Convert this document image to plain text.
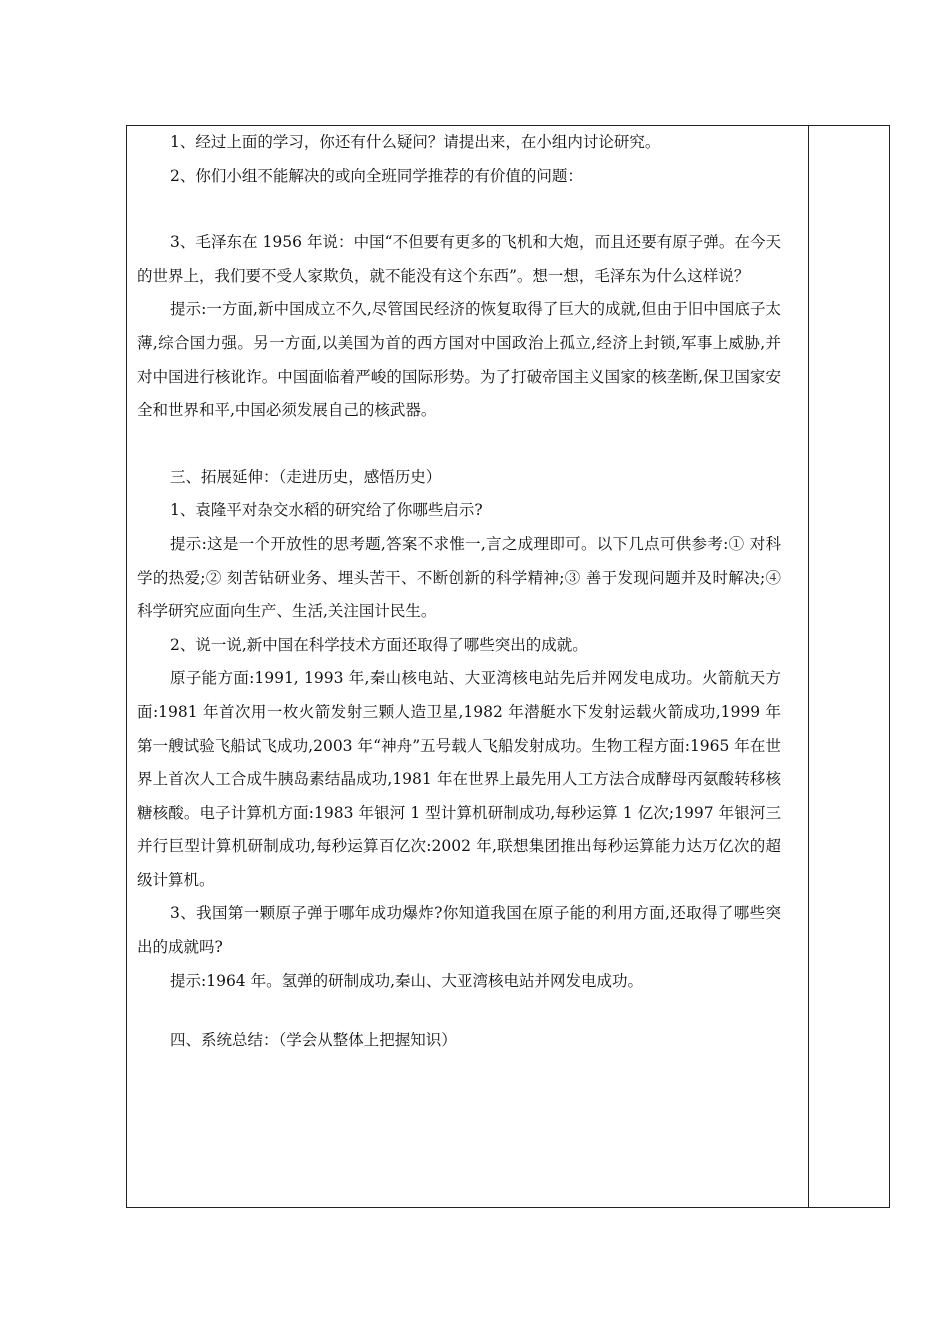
1、经过上面的学习，你还有什么疑问？请提出来，在小组内讨论研究。

2、你们小组不能解决的或向全班同学推荐的有价值的问题：

3、毛泽东在 1956 年说：中国“不但要有更多的飞机和大炮，而且还要有原子弹。在今天的世界上，我们要不受人家欺负，就不能没有这个东西”。想一想，毛泽东为什么这样说？

提示:一方面,新中国成立不久,尽管国民经济的恢复取得了巨大的成就,但由于旧中国底子太薄,综合国力强。另一方面,以美国为首的西方国对中国政治上孤立,经济上封锁,军事上威胁,并对中国进行核讹诈。中国面临着严峻的国际形势。为了打破帝国主义国家的核垄断,保卫国家安全和世界和平,中国必须发展自己的核武器。

三、拓展延伸：（走进历史，感悟历史）

1、袁隆平对杂交水稻的研究给了你哪些启示?

提示:这是一个开放性的思考题,答案不求惟一,言之成理即可。以下几点可供参考:① 对科学的热爱;② 刻苦钻研业务、埋头苦干、不断创新的科学精神;③ 善于发现问题并及时解决;④ 科学研究应面向生产、生活,关注国计民生。

2、说一说,新中国在科学技术方面还取得了哪些突出的成就。

原子能方面:1991, 1993 年,秦山核电站、大亚湾核电站先后并网发电成功。火箭航天方面:1981 年首次用一枚火箭发射三颗人造卫星,1982 年潜艇水下发射运载火箭成功,1999 年第一艘试验飞船试飞成功,2003 年“神舟”五号载人飞船发射成功。生物工程方面:1965 年在世界上首次人工合成牛胰岛素结晶成功,1981 年在世界上最先用人工方法合成酵母丙氨酸转移核糖核酸。电子计算机方面:1983 年银河 1 型计算机研制成功,每秒运算 1 亿次;1997 年银河三并行巨型计算机研制成功,每秒运算百亿次:2002 年,联想集团推出每秒运算能力达万亿次的超级计算机。

3、我国第一颗原子弹于哪年成功爆炸?你知道我国在原子能的利用方面,还取得了哪些突出的成就吗?

提示:1964 年。氢弹的研制成功,秦山、大亚湾核电站并网发电成功。

四、系统总结：（学会从整体上把握知识）
